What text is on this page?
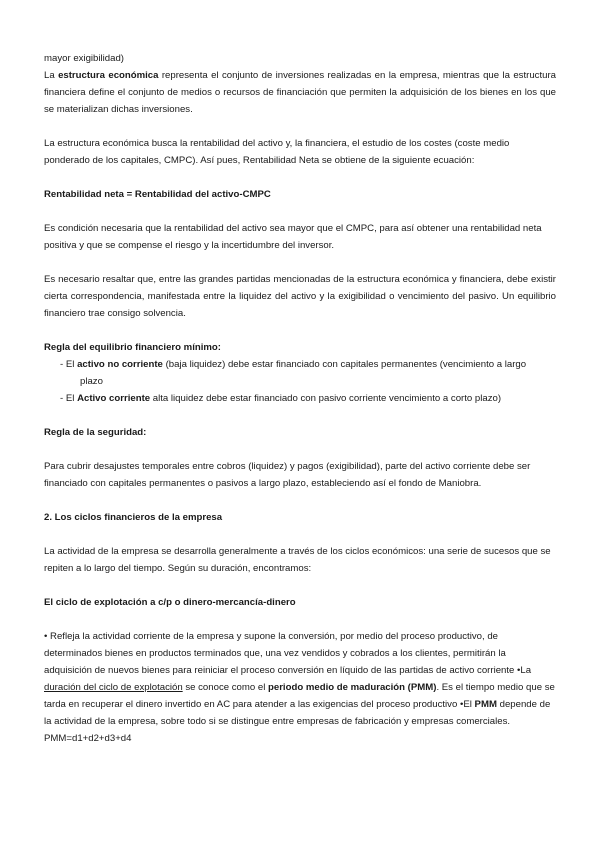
mayor exigibilidad)

La estructura económica representa el conjunto de inversiones realizadas en la empresa, mientras que la estructura financiera define el conjunto de medios o recursos de financiación que permiten la adquisición de los bienes en los que se materializan dichas inversiones.

La estructura económica busca la rentabilidad del activo y, la financiera, el estudio de los costes (coste medio ponderado de los capitales, CMPC). Así pues, Rentabilidad Neta se obtiene de la siguiente ecuación:

Rentabilidad neta = Rentabilidad del activo-CMPC

Es condición necesaria que la rentabilidad del activo sea mayor que el CMPC, para así obtener una rentabilidad neta positiva y que se compense el riesgo y la incertidumbre del inversor.

Es necesario resaltar que, entre las grandes partidas mencionadas de la estructura económica y financiera, debe existir cierta correspondencia, manifestada entre la liquidez del activo y la exigibilidad o vencimiento del pasivo. Un equilibrio financiero trae consigo solvencia.

Regla del equilibrio financiero mínimo:

- El activo no corriente (baja liquidez) debe estar financiado con capitales permanentes (vencimiento a largo
plazo
- El Activo corriente alta liquidez debe estar financiado con pasivo corriente vencimiento a corto plazo)

Regla de la seguridad:

Para cubrir desajustes temporales entre cobros (liquidez) y pagos (exigibilidad), parte del activo corriente debe ser financiado con capitales permanentes o pasivos a largo plazo, estableciendo así el fondo de Maniobra.

2. Los ciclos financieros de la empresa

La actividad de la empresa se desarrolla generalmente a través de los ciclos económicos: una serie de sucesos que se repiten a lo largo del tiempo. Según su duración, encontramos:

El ciclo de explotación a c/p o dinero-mercancía-dinero

• Refleja la actividad corriente de la empresa y supone la conversión, por medio del proceso productivo, de determinados bienes en productos terminados que, una vez vendidos y cobrados a los clientes, permitirán la adquisición de nuevos bienes para reiniciar el proceso conversión en líquido de las partidas de activo corriente •La duración del ciclo de explotación se conoce como el periodo medio de maduración (PMM). Es el tiempo medio que se tarda en recuperar el dinero invertido en AC para atender a las exigencias del proceso productivo •El PMM depende de la actividad de la empresa, sobre todo si se distingue entre empresas de fabricación y empresas comerciales. PMM=d1+d2+d3+d4
